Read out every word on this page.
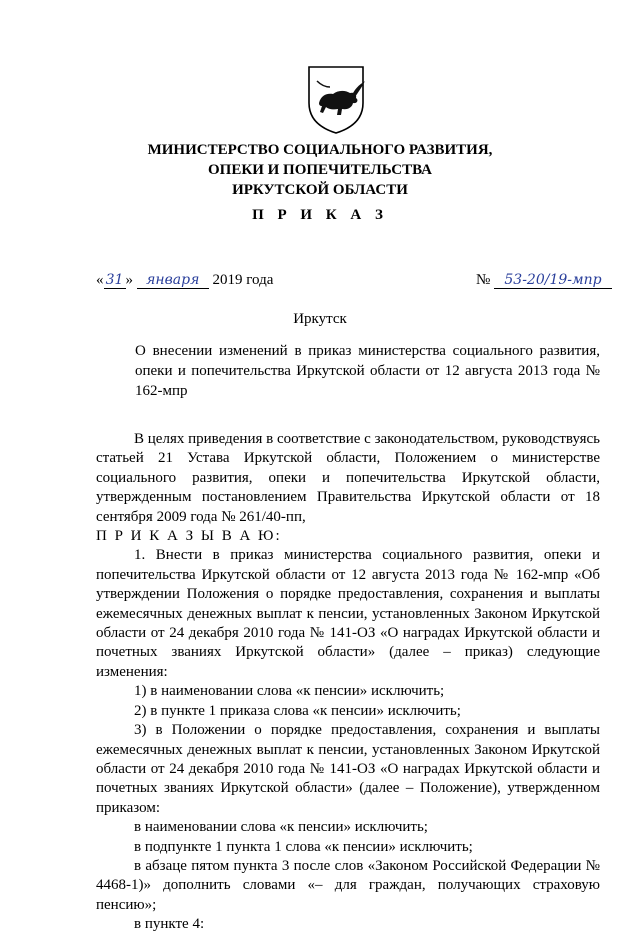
МИНИСТЕРСТВО СОЦИАЛЬНОГО РАЗВИТИЯ,
ОПЕКИ И ПОПЕЧИТЕЛЬСТВА
ИРКУТСКОЙ ОБЛАСТИ
П Р И К А З
« 31 » января 2019 года	№ 53-20/19-мпр
Иркутск
О внесении изменений в приказ министерства социального развития, опеки и попечительства Иркутской области от 12 августа 2013 года № 162-мпр

В целях приведения в соответствие с законодательством, руководствуясь статьей 21 Устава Иркутской области, Положением о министерстве социального развития, опеки и попечительства Иркутской области, утвержденным постановлением Правительства Иркутской области от 18 сентября 2009 года № 261/40-пп,

П Р И К А З Ы В А Ю:

1. Внести в приказ министерства социального развития, опеки и попечительства Иркутской области от 12 августа 2013 года № 162-мпр «Об утверждении Положения о порядке предоставления, сохранения и выплаты ежемесячных денежных выплат к пенсии, установленных Законом Иркутской области от 24 декабря 2010 года № 141-ОЗ «О наградах Иркутской области и почетных званиях Иркутской области» (далее – приказ) следующие изменения:

1) в наименовании слова «к пенсии» исключить;

2) в пункте 1 приказа слова «к пенсии» исключить;

3) в Положении о порядке предоставления, сохранения и выплаты ежемесячных денежных выплат к пенсии, установленных Законом Иркутской области от 24 декабря 2010 года № 141-ОЗ «О наградах Иркутской области и почетных званиях Иркутской области» (далее – Положение), утвержденном приказом:

в наименовании слова «к пенсии» исключить;

в подпункте 1 пункта 1 слова «к пенсии» исключить;

в абзаце пятом пункта 3 после слов «Законом Российской Федерации № 4468-1)» дополнить словами «– для граждан, получающих страховую пенсию»;

в пункте 4:
